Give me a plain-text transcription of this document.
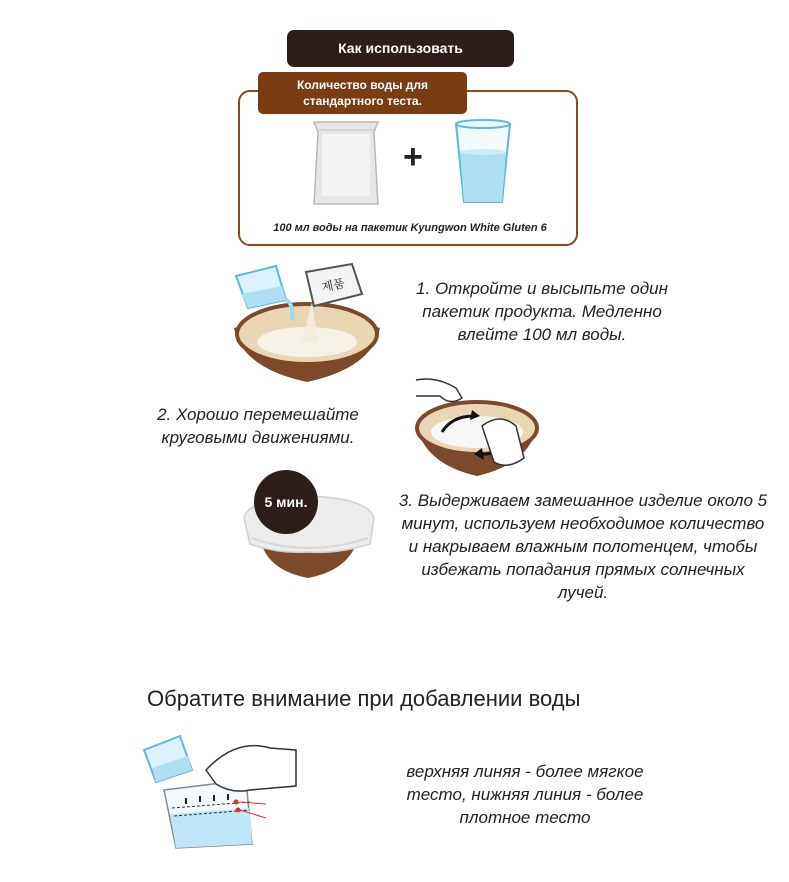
Как использовать
Количество воды для стандартного теста.
+
100 мл воды на пакетик Kyungwon White Gluten 6
제품	1. Откройте и высыпьте один пакетик продукта. Медленно влейте 100 мл воды.
2. Хорошо перемешайте круговыми движениями.
5 мин.	3. Выдерживаем замешанное изделие около 5 минут, используем необходимое количество и накрываем влажным полотенцем, чтобы избежать попадания прямых солнечных лучей.
Обратите внимание при добавлении воды
верхняя линяя - более мягкое тесто, нижняя линия - более плотное тесто
